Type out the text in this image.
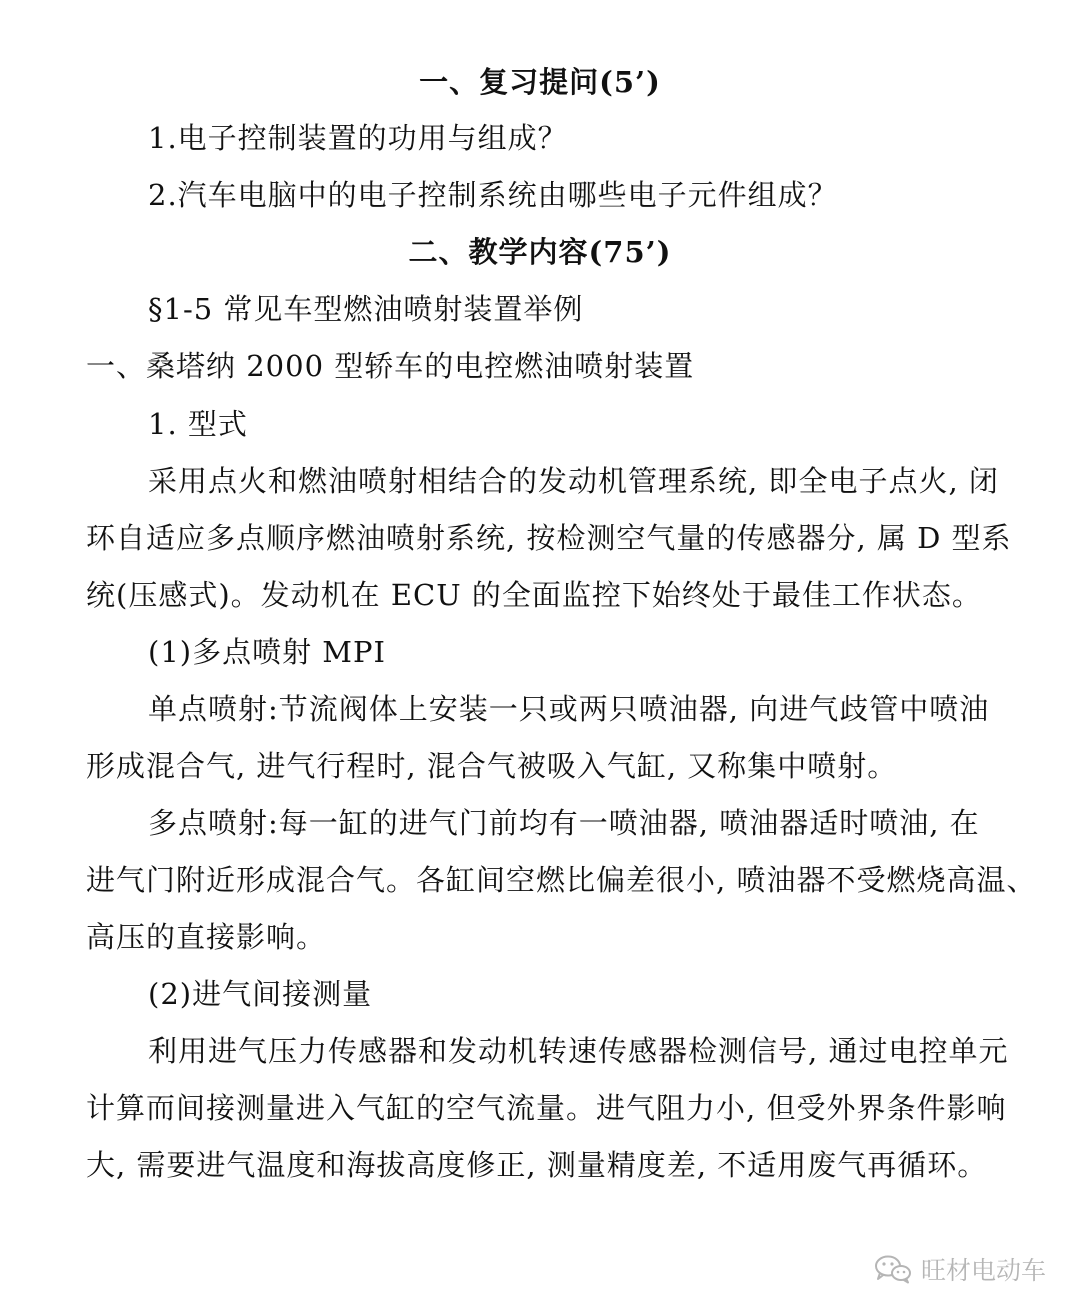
一、复习提问(5’)
1.电子控制装置的功用与组成？
2.汽车电脑中的电子控制系统由哪些电子元件组成？
二、教学内容(75’)
§1-5 常见车型燃油喷射装置举例
一、桑塔纳 2000 型轿车的电控燃油喷射装置
1. 型式
采用点火和燃油喷射相结合的发动机管理系统, 即全电子点火, 闭
环自适应多点顺序燃油喷射系统, 按检测空气量的传感器分, 属 D 型系
统(压感式)。发动机在 ECU 的全面监控下始终处于最佳工作状态。
(1)多点喷射 MPI
单点喷射:节流阀体上安装一只或两只喷油器, 向进气歧管中喷油
形成混合气, 进气行程时, 混合气被吸入气缸, 又称集中喷射。
多点喷射:每一缸的进气门前均有一喷油器, 喷油器适时喷油, 在
进气门附近形成混合气。各缸间空燃比偏差很小, 喷油器不受燃烧高温、
高压的直接影响。
(2)进气间接测量
利用进气压力传感器和发动机转速传感器检测信号, 通过电控单元
计算而间接测量进入气缸的空气流量。进气阻力小, 但受外界条件影响
大, 需要进气温度和海拔高度修正, 测量精度差, 不适用废气再循环。
旺材电动车
